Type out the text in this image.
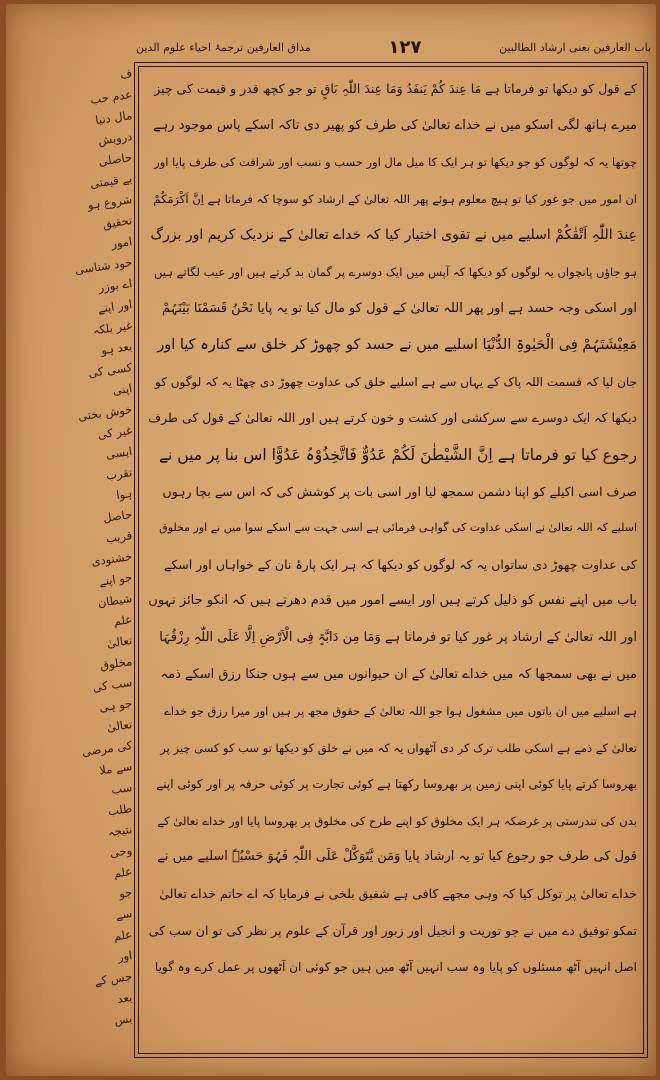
باب العارفین بعنی ارشاد الطالبین
۱۲۷
مذاق العارفین ترجمۂ احیاء علوم الدین
ف
عدم حب
مال دنیا
درویش
حاصلی
بے قیمتی
شروع ہو
تحقیق
امور
خود شناسی
اے بوزر
اور اپنے
غیر بلکہ
بعد ہو
کسی کی
اپنی
خوش بختی
غیر کی
ایسی
تقرب
ہوا
حاصل
قریب
خشنودی
جو اپنے
شیطان
علم
تعالیٰ
مخلوق
سب کی
جو ہی
تعالیٰ
کی مرضی
سے ملا
سب
طلب
نتیجہ
وحی
علم
جو
سے
علم
اور
جس کے
بعد
بس
کے قول کو دیکھا تو فرماتا ہے مَا عِندَ کُمْ یَنفَدُ وَمَا عِندَ اللّٰہِ بَاقٍ تو جو کچھ قدر و قیمت کی چیز
میرے ہاتھ لگی اسکو میں نے خداے تعالیٰ کی طرف کو پھیر دی تاکہ اسکے پاس موجود رہے
چوتھا یہ کہ لوگوں کو جو دیکھا تو ہر ایک کا میل مال اور حسب و نسب اور شرافت کی طرف پایا اور
ان امور میں جو غور کیا تو ہیچ معلوم ہوئے پھر اللہ تعالیٰ کے ارشاد کو سوچا کہ فرماتا ہے اِنَّ اَکْرَمَکُمْ
عِندَ اللّٰہِ اَتْقٰکُمْ اسلیے میں نے تقوی اختیار کیا کہ خداے تعالیٰ کے نزدیک کریم اور بزرگ
ہو جاؤں پانچواں یہ لوگوں کو دیکھا کہ آپس میں ایک دوسرے پر گمان بد کرتے ہیں اور عیب لگاتے ہیں
اور اسکی وجہ حسد ہے اور پھر اللہ تعالیٰ کے قول کو مال کیا تو یہ پایا نَحْنُ قَسَمْنَا بَیْنَہُمْ
مَعِیْشَتَہُمْ فِی الْحَیٰوۃِ الدُّنْیَا اسلیے میں نے حسد کو چھوڑ کر خلق سے کنارہ کیا اور
جان لیا کہ قسمت اللہ پاک کے یہاں سے ہے اسلیے خلق کی عداوت چھوڑ دی چھٹا یہ کہ لوگوں کو
دیکھا کہ ایک دوسرے سے سرکشی اور کشت و خون کرتے ہیں اور اللہ تعالیٰ کے قول کی طرف
رجوع کیا تو فرماتا ہے اِنَّ الشَّیْطٰنَ لَکُمْ عَدُوٌّ فَاتَّخِذُوْہُ عَدُوًّا اس بنا پر میں نے
صرف اسی اکیلے کو اپنا دشمن سمجھ لیا اور اسی بات پر کوشش کی کہ اس سے بچا رہوں
اسلیے کہ اللہ تعالیٰ نے اسکی عداوت کی گواہی فرمائی ہے اسی جہت سے اسکے سوا میں نے اور مخلوق
کی عداوت چھوڑ دی ساتواں یہ کہ لوگوں کو دیکھا کہ ہر ایک پارۂ نان کے خواہاں اور اسکے
باب میں اپنے نفس کو ذلیل کرتے ہیں اور ایسے امور میں قدم دھرتے ہیں کہ انکو جائز نہوں
اور اللہ تعالیٰ کے ارشاد پر غور کیا تو فرماتا ہے وَمَا مِن دَابَّۃٍ فِی الْاَرْضِ اِلَّا عَلَی اللّٰہِ رِزْقُہَا
میں نے بھی سمجھا کہ میں خداے تعالیٰ کے ان حیوانوں میں سے ہوں جنکا رزق اسکے ذمہ
ہے اسلیے میں ان باتوں میں مشغول ہوا جو اللہ تعالیٰ کے حقوق مجھ پر ہیں اور میرا رزق جو خداے
تعالیٰ کے ذمے ہے اسکی طلب ترک کر دی آٹھواں یہ کہ میں نے خلق کو دیکھا تو سب کو کسی چیز پر
بھروسا کرتے پایا کوئی اپنی زمین پر بھروسا رکھتا ہے کوئی تجارت پر کوئی حرفہ پر اور کوئی اپنے
بدن کی تندرستی پر غرضکہ ہر ایک مخلوق کو اپنے طرح کی مخلوق پر بھروسا پایا اور خداے تعالیٰ کے
قول کی طرف جو رجوع کیا تو یہ ارشاد پایا وَمَن یَّتَوَکَّلْ عَلَی اللّٰہِ فَہُوَ حَسْبُہٗ اسلیے میں نے
خداے تعالیٰ پر توکل کیا کہ وہی مجھے کافی ہے شفیق بلخی نے فرمایا کہ اے حاتم خداے تعالیٰ
تمکو توفیق دے میں نے جو توریت و انجیل اور زبور اور قرآن کے علوم پر نظر کی تو ان سب کی
اصل انہیں آٹھ مسئلوں کو پایا وہ سب انہیں آٹھ میں ہیں جو کوئی ان آٹھوں پر عمل کرے وہ گویا
